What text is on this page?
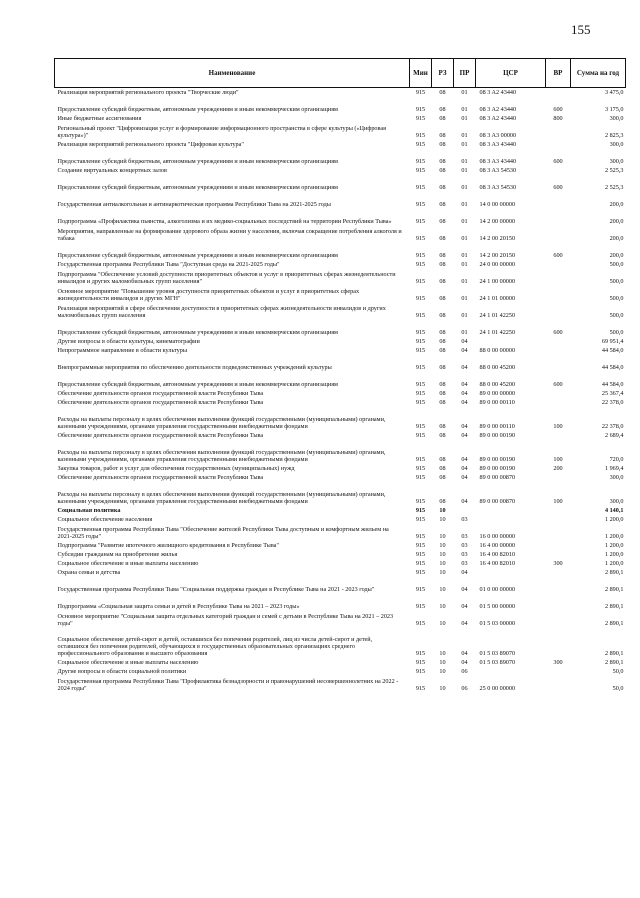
155
Наименование	Мин	РЗ	ПР	ЦСР	ВР	Сумма на год
Реализация мероприятий регионального проекта "Творческие люди"	915	08	01	08 3 A2 43440		3 475,0
Предоставление субсидий бюджетным, автономным учреждениям и иным некоммерческим организациям	915	08	01	08 3 A2 43440	600	3 175,0
Иные бюджетные ассигнования	915	08	01	08 3 A2 43440	800	300,0
Региональный проект "Цифровизация услуг и формирование информационного пространства в сфере культуры («Цифровая культура»)"	915	08	01	08 3 A3 00000		2 825,3
Реализация мероприятий регионального проекта "Цифровая культура"	915	08	01	08 3 A3 43440		300,0
Предоставление субсидий бюджетным, автономным учреждениям и иным некоммерческим организациям	915	08	01	08 3 A3 43440	600	300,0
Создание виртуальных концертных залов	915	08	01	08 3 A3 54530		2 525,3
Предоставление субсидий бюджетным, автономным учреждениям и иным некоммерческим организациям	915	08	01	08 3 A3 54530	600	2 525,3
Государственная антиалкогольная и антинаркотическая программа Республики Тыва на 2021-2025 годы	915	08	01	14 0 00 00000		200,0
Подпрограмма «Профилактика пьянства, алкоголизма и их медико-социальных последствий на территории Республики Тыва»	915	08	01	14 2 00 00000		200,0
Мероприятия, направленные на формирование здорового образа жизни у населения, включая сокращение потребления алкоголя и табака	915	08	01	14 2 00 20150		200,0
Предоставление субсидий бюджетным, автономным учреждениям и иным некоммерческим организациям	915	08	01	14 2 00 20150	600	200,0
Государственная программа Республики Тыва "Доступная среда на 2021-2025 годы"	915	08	01	24 0 00 00000		500,0
Подпрограмма "Обеспечение условий доступности приоритетных объектов и услуг в приоритетных сферах жизнедеятельности инвалидов и других маломобильных групп населения"	915	08	01	24 1 00 00000		500,0
Основное мероприятие "Повышение уровня доступности приоритетных объектов и услуг в приоритетных сферах жизнедеятельности инвалидов и других МГН"	915	08	01	24 1 01 00000		500,0
Реализация мероприятий в сфере обеспечения доступности в приоритетных сферах жизнедеятельности инвалидов и других маломобильных групп населения	915	08	01	24 1 01 42250		500,0
Предоставление субсидий бюджетным, автономным учреждениям и иным некоммерческим организациям	915	08	01	24 1 01 42250	600	500,0
Другие вопросы в области культуры, кинематографии	915	08	04			69 951,4
Непрограммное направление в области культуры	915	08	04	88 0 00 00000		44 584,0
Внепрограммные мероприятия по обеспечению деятельности подведомственных учреждений культуры	915	08	04	88 0 00 45200		44 584,0
Предоставление субсидий бюджетным, автономным учреждениям и иным некоммерческим организациям	915	08	04	88 0 00 45200	600	44 584,0
Обеспечение деятельности органов государственной власти Республики Тыва	915	08	04	89 0 00 00000		25 367,4
Обеспечение деятельности органов государственной власти Республики Тыва	915	08	04	89 0 00 00110		22 378,0
Расходы на выплаты персоналу в целях обеспечения выполнения функций государственными (муниципальными) органами, казенными учреждениями, органами управления государственными внебюджетными фондами	915	08	04	89 0 00 00110	100	22 378,0
Обеспечение деятельности органов государственной власти Республики Тыва	915	08	04	89 0 00 00190		2 689,4
Расходы на выплаты персоналу в целях обеспечения выполнения функций государственными (муниципальными) органами, казенными учреждениями, органами управления государственными внебюджетными фондами	915	08	04	89 0 00 00190	100	720,0
Закупка товаров, работ и услуг для обеспечения государственных (муниципальных) нужд	915	08	04	89 0 00 00190	200	1 969,4
Обеспечение деятельности органов государственной власти Республики Тыва	915	08	04	89 0 00 00870		300,0
Расходы на выплаты персоналу в целях обеспечения выполнения функций государственными (муниципальными) органами, казенными учреждениями, органами управления государственными внебюджетными фондами	915	08	04	89 0 00 00870	100	300,0
Социальная политика	915	10				4 140,1
Социальное обеспечение населения	915	10	03			1 200,0
Государственная программа Республики Тыва "Обеспечение жителей Республики Тыва доступным и комфортным жильем на 2021-2025 годы"	915	10	03	16 0 00 00000		1 200,0
Подпрограмма "Развитие ипотечного жилищного кредитования в Республике Тыва"	915	10	03	16 4 00 00000		1 200,0
Субсидии гражданам на приобретение жилья	915	10	03	16 4 00 82010		1 200,0
Социальное обеспечение и иные выплаты населению	915	10	03	16 4 00 82010	300	1 200,0
Охрана семьи и детства	915	10	04			2 890,1
Государственная программа Республики Тыва "Социальная поддержка граждан в Республике Тыва на 2021 - 2023 годы"	915	10	04	01 0 00 00000		2 890,1
Подпрограмма «Социальная защита семьи и детей в Республике Тыва на 2021 – 2023 годы»	915	10	04	01 5 00 00000		2 890,1
Основное мероприятие "Социальная защита отдельных категорий граждан и семей с детьми в Республике Тыва на 2021 – 2023 годы"	915	10	04	01 5 03 00000		2 890,1
Социальное обеспечение детей-сирот и детей, оставшихся без попечения родителей, лиц из числа детей-сирот и детей, оставшихся без попечения родителей, обучающихся в государственных образовательных организациях среднего профессионального образования и высшего образования	915	10	04	01 5 03 89070		2 890,1
Социальное обеспечение и иные выплаты населению	915	10	04	01 5 03 89070	300	2 890,1
Другие вопросы в области социальной политики	915	10	06			50,0
Государственная программа Республики Тыва "Профилактика безнадзорности и правонарушений несовершеннолетних на 2022 - 2024 годы"	915	10	06	25 0 00 00000		50,0
